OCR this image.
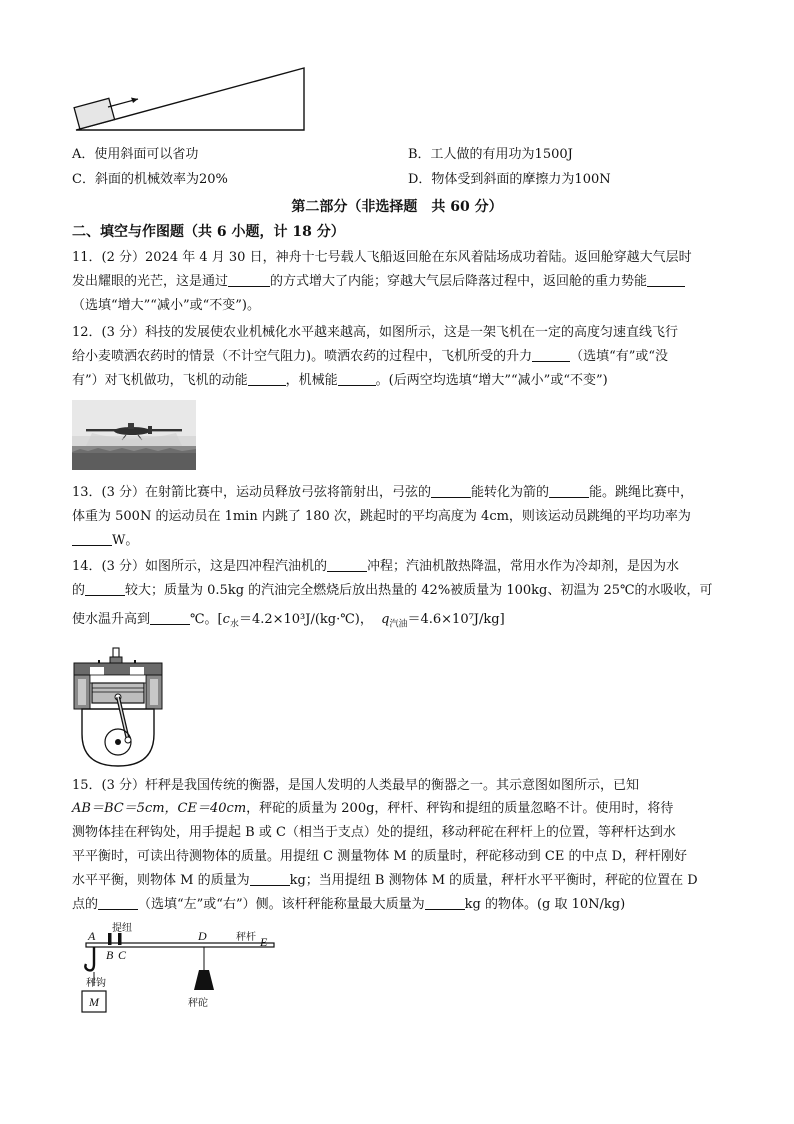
A．使用斜面可以省功	B．工人做的有用功为1500J
C．斜面的机械效率为20%	D．物体受到斜面的摩擦力为100N
第二部分（非选择题　共 60 分）
二、填空与作图题（共 6 小题，计 18 分）
11．(2 分）2024 年 4 月 30 日，神舟十七号载人飞船返回舱在东风着陆场成功着陆。返回舱穿越大气层时
发出耀眼的光芒，这是通过	的方式增大了内能；穿越大气层后降落过程中，返回舱的重力势能
（选填“增大”“减小”或“不变”)。
12．(3 分）科技的发展使农业机械化水平越来越高，如图所示，这是一架飞机在一定的高度匀速直线飞行
给小麦喷洒农药时的情景（不计空气阻力)。喷洒农药的过程中，飞机所受的升力	（选填“有”或“没
有”）对飞机做功，飞机的动能	，机械能	。(后两空均选填“增大”“减小”或“不变”)
13．(3 分）在射箭比赛中，运动员释放弓弦将箭射出，弓弦的	能转化为箭的	能。跳绳比赛中，
体重为 500N 的运动员在 1min 内跳了 180 次，跳起时的平均高度为 4cm，则该运动员跳绳的平均功率为
W。
14．(3 分）如图所示，这是四冲程汽油机的	冲程；汽油机散热降温，常用水作为冷却剂，是因为水
的	较大；质量为 0.5kg 的汽油完全燃烧后放出热量的 42%被质量为 100kg、初温为 25℃的水吸收，可
使水温升高到	℃。[$c_水=4.2\times 10^3J/(kg\cdot℃)$， $q_{汽油}=4.6\times 10^7J/kg$]
15．(3 分）杆秤是我国传统的衡器，是国人发明的人类最早的衡器之一。其示意图如图所示，已知
AB＝BC＝5cm，CE＝40cm，秤砣的质量为 200g，秤杆、秤钩和提纽的质量忽略不计。使用时，将待
测物体挂在秤钩处，用手提起 B 或 C（相当于支点）处的提纽，移动秤砣在秤杆上的位置，等秤杆达到水
平平衡时，可读出待测物体的质量。用提纽 C 测量物体 M 的质量时，秤砣移动到 CE 的中点 D，秤杆刚好
水平平衡，则物体 M 的质量为	kg；当用提纽 B 测物体 M 的质量，秤杆水平平衡时，秤砣的位置在 D
点的	（选填“左”或“右”）侧。该杆秤能称量最大质量为	kg 的物体。(g 取 10N/kg)
提纽
A
B C
D	E
秤杆
秤钩
M	秤砣
